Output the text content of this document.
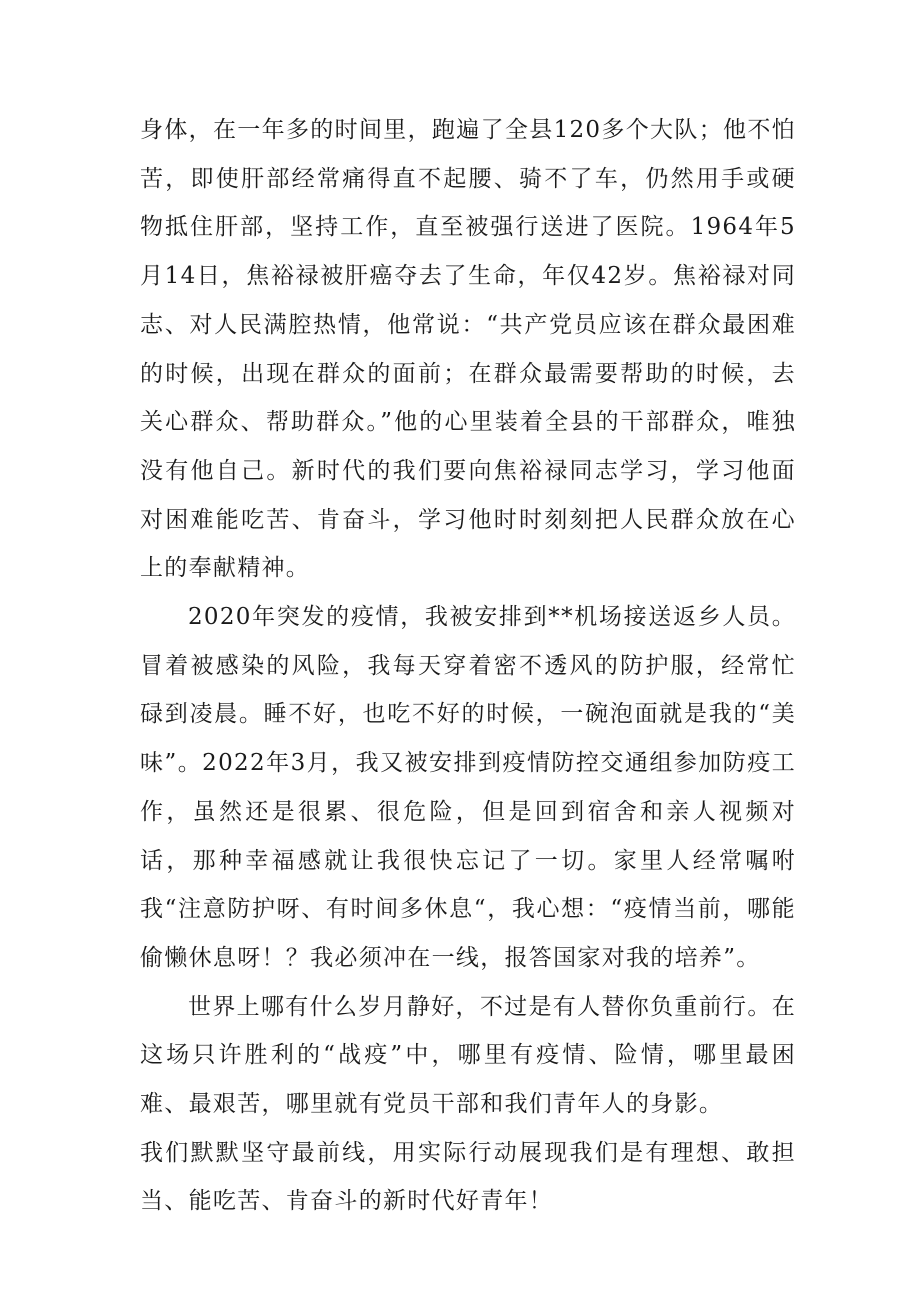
身体，在一年多的时间里，跑遍了全县120多个大队；他不怕苦，即使肝部经常痛得直不起腰、骑不了车，仍然用手或硬物抵住肝部，坚持工作，直至被强行送进了医院。1964年5月14日，焦裕禄被肝癌夺去了生命，年仅42岁。焦裕禄对同志、对人民满腔热情，他常说：“共产党员应该在群众最困难的时候，出现在群众的面前；在群众最需要帮助的时候，去关心群众、帮助群众。”他的心里装着全县的干部群众，唯独没有他自己。新时代的我们要向焦裕禄同志学习，学习他面对困难能吃苦、肯奋斗，学习他时时刻刻把人民群众放在心上的奉献精神。

2020年突发的疫情，我被安排到**机场接送返乡人员。冒着被感染的风险，我每天穿着密不透风的防护服，经常忙碌到凌晨。睡不好，也吃不好的时候，一碗泡面就是我的“美味”。2022年3月，我又被安排到疫情防控交通组参加防疫工作，虽然还是很累、很危险，但是回到宿舍和亲人视频对话，那种幸福感就让我很快忘记了一切。家里人经常嘱咐我“注意防护呀、有时间多休息“，我心想：“疫情当前，哪能偷懒休息呀！？我必须冲在一线，报答国家对我的培养”。

世界上哪有什么岁月静好，不过是有人替你负重前行。在这场只许胜利的“战疫”中，哪里有疫情、险情，哪里最困难、最艰苦，哪里就有党员干部和我们青年人的身影。

我们默默坚守最前线，用实际行动展现我们是有理想、敢担当、能吃苦、肯奋斗的新时代好青年！
